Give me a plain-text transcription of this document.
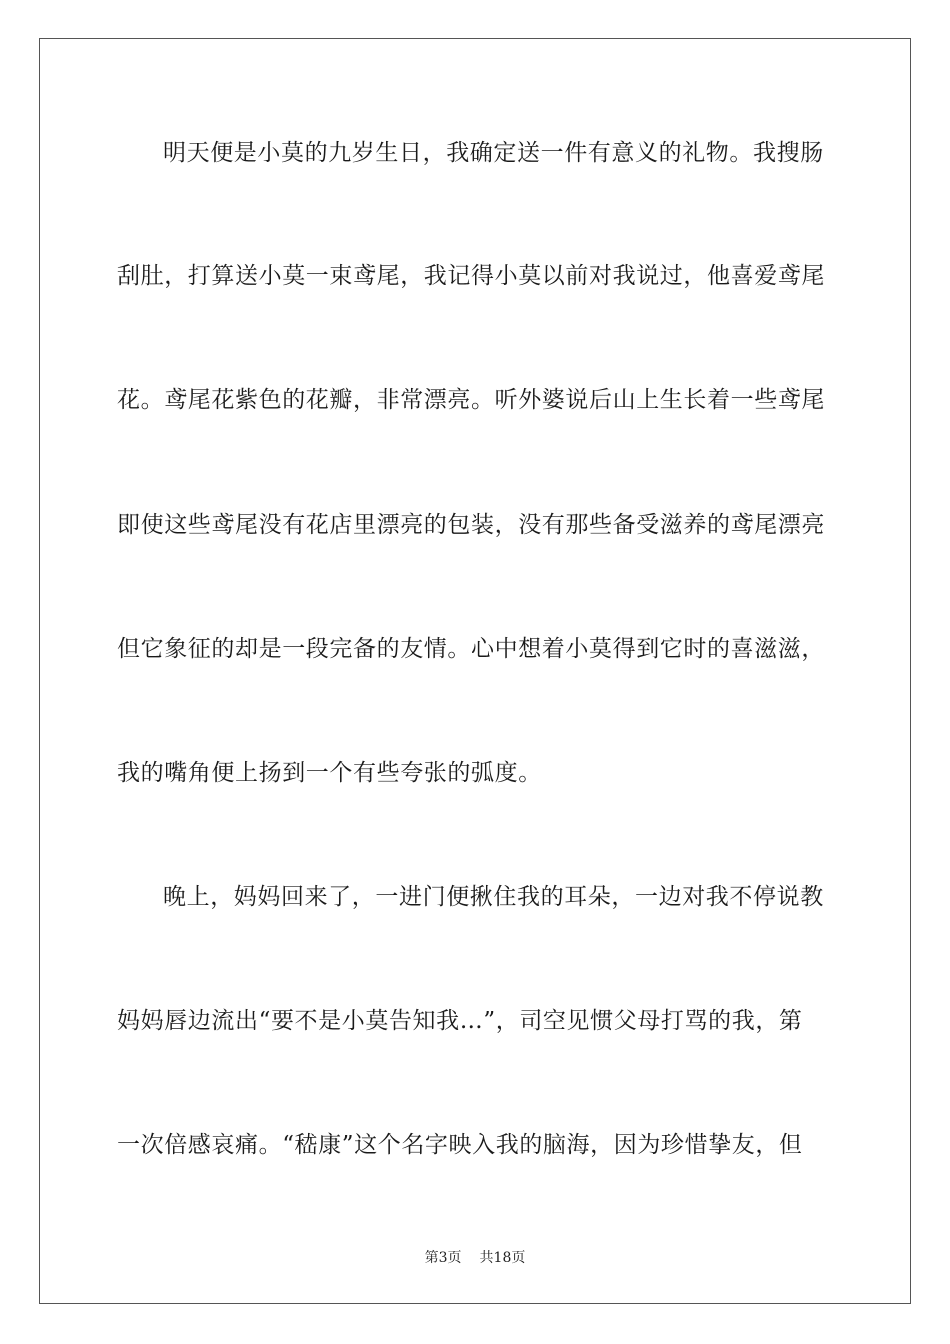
明天便是小莫的九岁生日，我确定送一件有意义的礼物。我搜肠
刮肚，打算送小莫一束鸢尾，我记得小莫以前对我说过，他喜爱鸢尾
花。鸢尾花紫色的花瓣，非常漂亮。听外婆说后山上生长着一些鸢尾
即使这些鸢尾没有花店里漂亮的包装，没有那些备受滋养的鸢尾漂亮
但它象征的却是一段完备的友情。心中想着小莫得到它时的喜滋滋，
我的嘴角便上扬到一个有些夸张的弧度。
晚上，妈妈回来了，一进门便揪住我的耳朵，一边对我不停说教
妈妈唇边流出“要不是小莫告知我…”，司空见惯父母打骂的我，第
一次倍感哀痛。“嵇康”这个名字映入我的脑海，因为珍惜挚友，但
第3页 共18页
